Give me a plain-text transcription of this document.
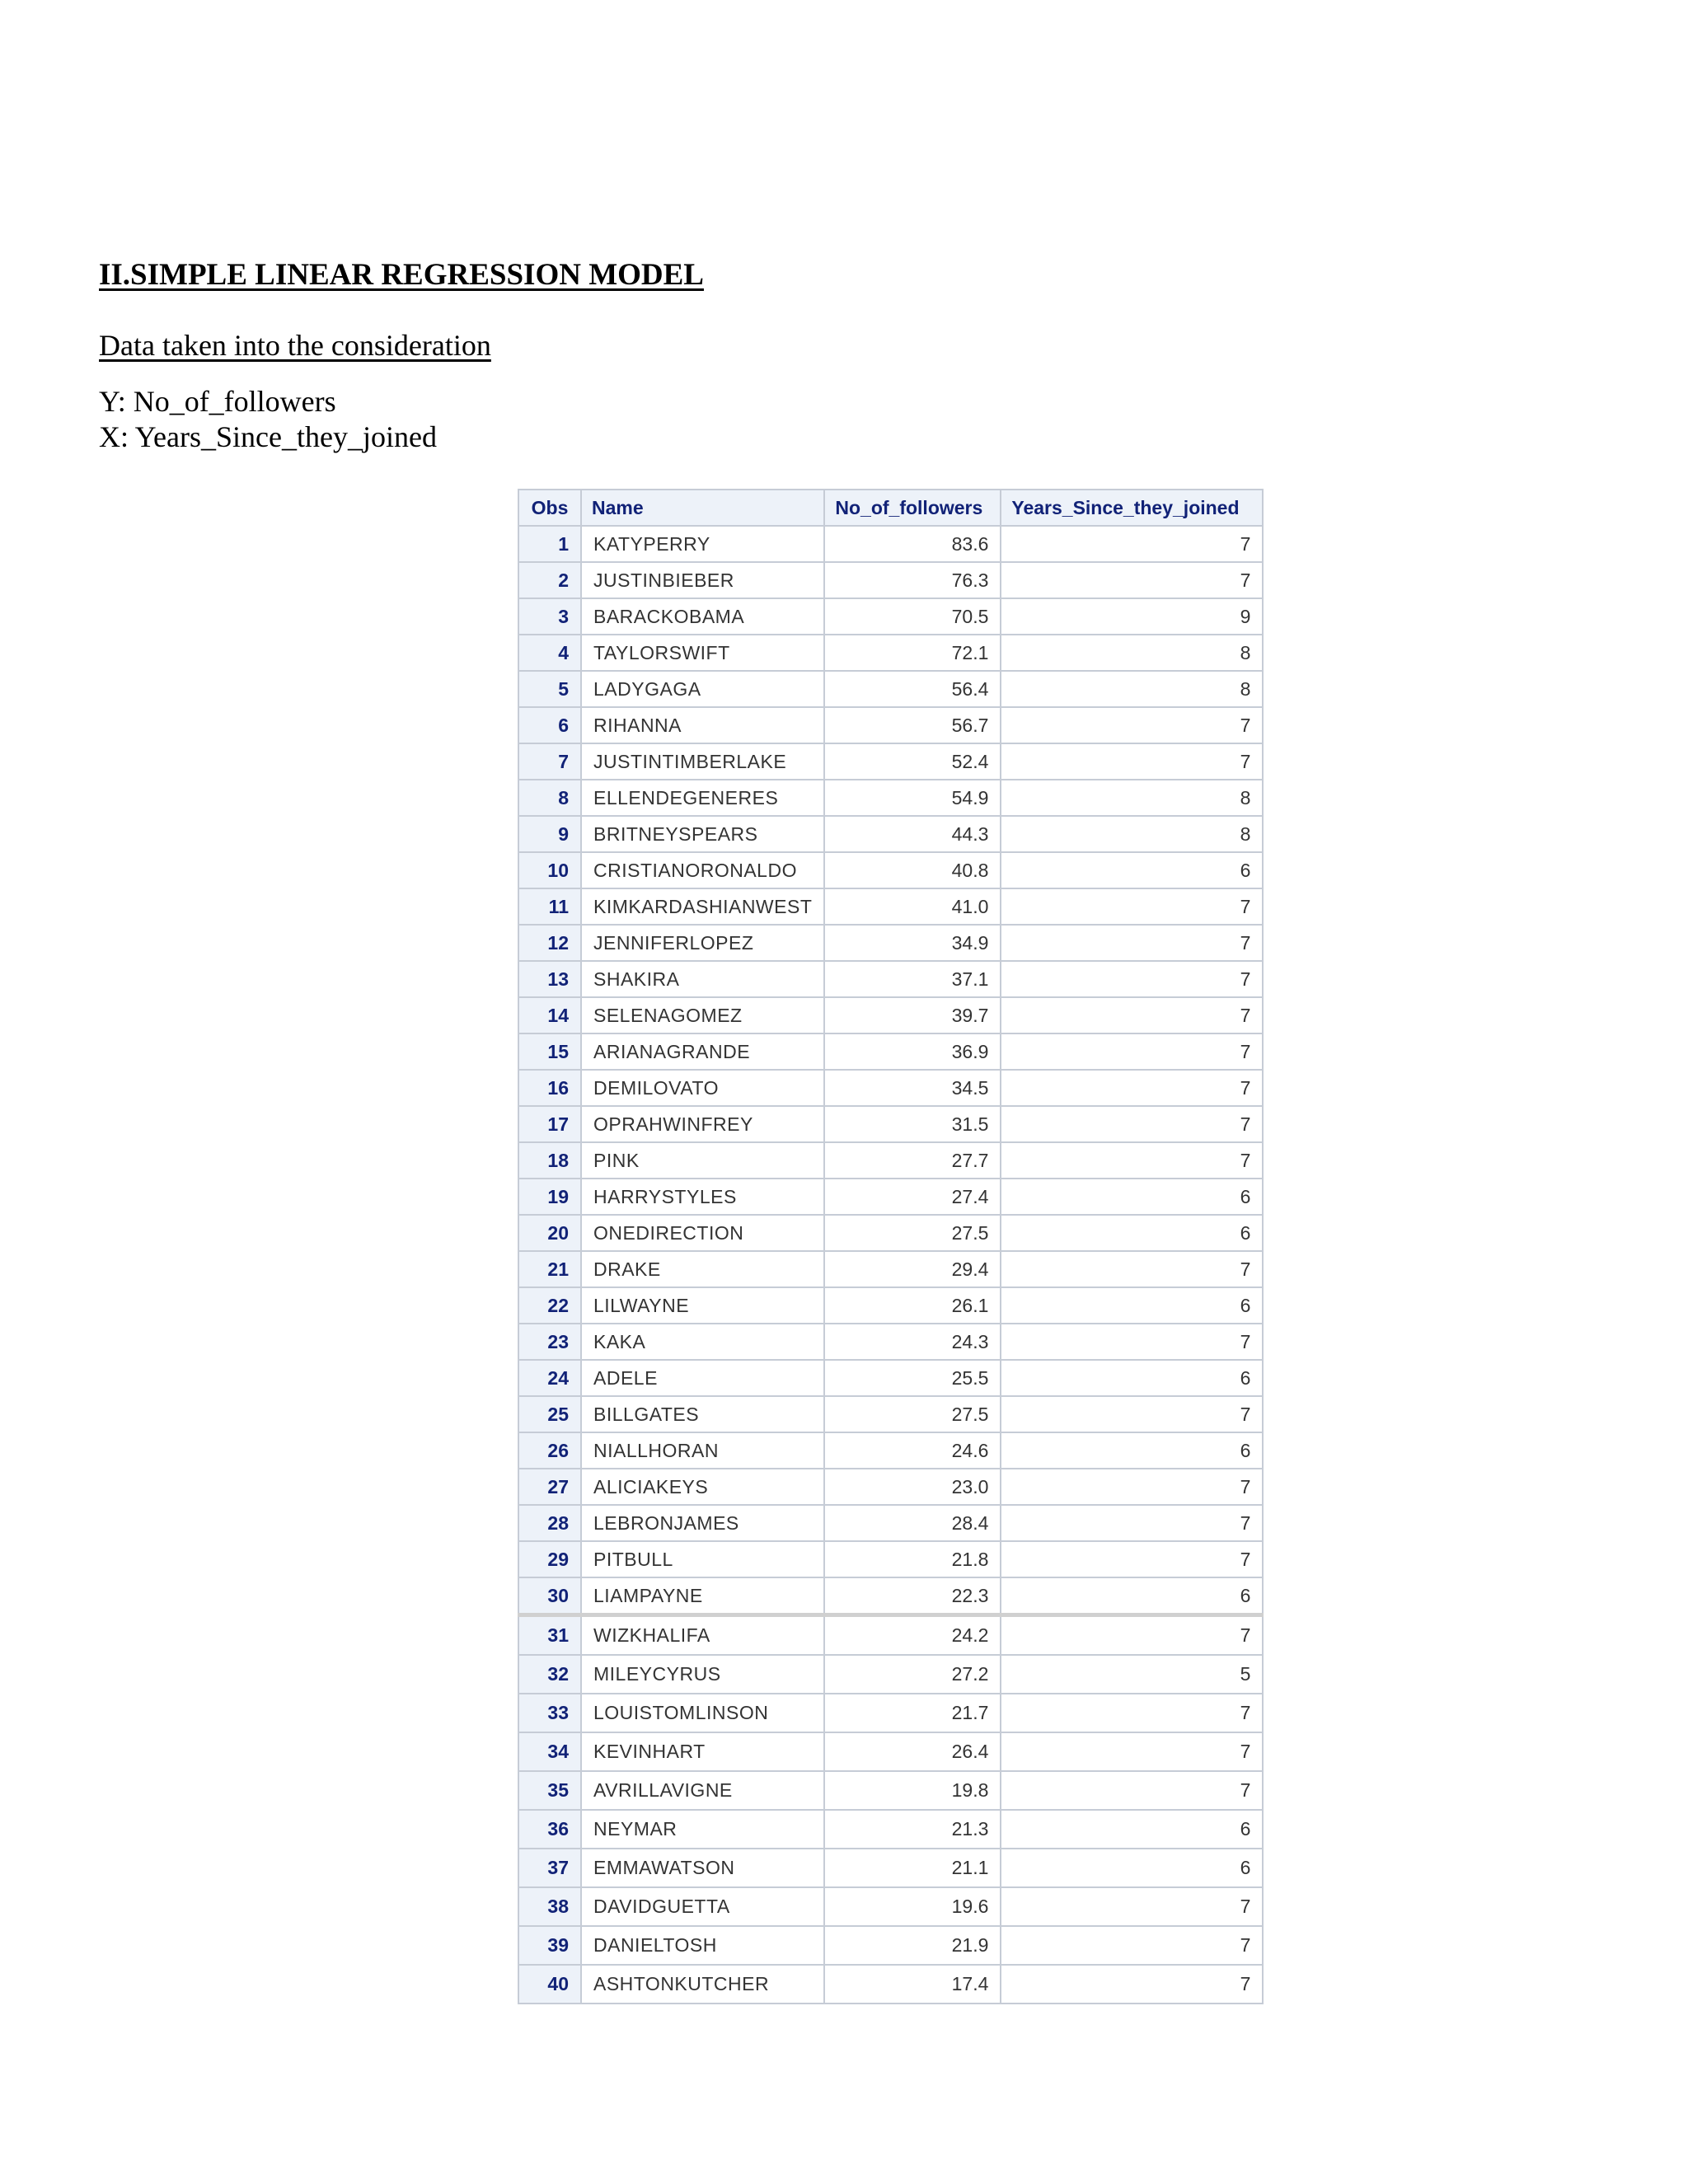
II.SIMPLE LINEAR REGRESSION MODEL

Data taken into the consideration

Y: No_of_followers

X: Years_Since_they_joined

Obs	Name	No_of_followers	Years_Since_they_joined
1	KATYPERRY	83.6	7
2	JUSTINBIEBER	76.3	7
3	BARACKOBAMA	70.5	9
4	TAYLORSWIFT	72.1	8
5	LADYGAGA	56.4	8
6	RIHANNA	56.7	7
7	JUSTINTIMBERLAKE	52.4	7
8	ELLENDEGENERES	54.9	8
9	BRITNEYSPEARS	44.3	8
10	CRISTIANORONALDO	40.8	6
11	KIMKARDASHIANWEST	41.0	7
12	JENNIFERLOPEZ	34.9	7
13	SHAKIRA	37.1	7
14	SELENAGOMEZ	39.7	7
15	ARIANAGRANDE	36.9	7
16	DEMILOVATO	34.5	7
17	OPRAHWINFREY	31.5	7
18	PINK	27.7	7
19	HARRYSTYLES	27.4	6
20	ONEDIRECTION	27.5	6
21	DRAKE	29.4	7
22	LILWAYNE	26.1	6
23	KAKA	24.3	7
24	ADELE	25.5	6
25	BILLGATES	27.5	7
26	NIALLHORAN	24.6	6
27	ALICIAKEYS	23.0	7
28	LEBRONJAMES	28.4	7
29	PITBULL	21.8	7
30	LIAMPAYNE	22.3	6
31	WIZKHALIFA	24.2	7
32	MILEYCYRUS	27.2	5
33	LOUISTOMLINSON	21.7	7
34	KEVINHART	26.4	7
35	AVRILLAVIGNE	19.8	7
36	NEYMAR	21.3	6
37	EMMAWATSON	21.1	6
38	DAVIDGUETTA	19.6	7
39	DANIELTOSH	21.9	7
40	ASHTONKUTCHER	17.4	7
